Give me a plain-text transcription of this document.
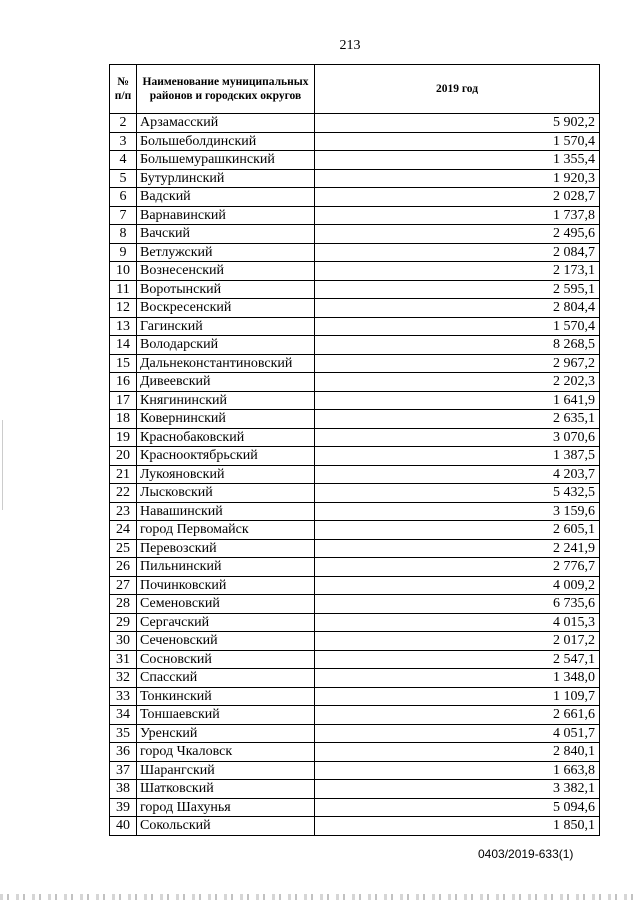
213
№
п/п	Наименование муниципальных районов и городских округов	2019 год
2	Арзамасский	5 902,2
3	Большеболдинский	1 570,4
4	Большемурашкинский	1 355,4
5	Бутурлинский	1 920,3
6	Вадский	2 028,7
7	Варнавинский	1 737,8
8	Вачский	2 495,6
9	Ветлужский	2 084,7
10	Вознесенский	2 173,1
11	Воротынский	2 595,1
12	Воскресенский	2 804,4
13	Гагинский	1 570,4
14	Володарский	8 268,5
15	Дальнеконстантиновский	2 967,2
16	Дивеевский	2 202,3
17	Княгининский	1 641,9
18	Ковернинский	2 635,1
19	Краснобаковский	3 070,6
20	Краснооктябрьский	1 387,5
21	Лукояновский	4 203,7
22	Лысковский	5 432,5
23	Навашинский	3 159,6
24	город Первомайск	2 605,1
25	Перевозский	2 241,9
26	Пильнинский	2 776,7
27	Починковский	4 009,2
28	Семеновский	6 735,6
29	Сергачский	4 015,3
30	Сеченовский	2 017,2
31	Сосновский	2 547,1
32	Спасский	1 348,0
33	Тонкинский	1 109,7
34	Тоншаевский	2 661,6
35	Уренский	4 051,7
36	город Чкаловск	2 840,1
37	Шарангский	1 663,8
38	Шатковский	3 382,1
39	город Шахунья	5 094,6
40	Сокольский	1 850,1
0403/2019-633(1)
